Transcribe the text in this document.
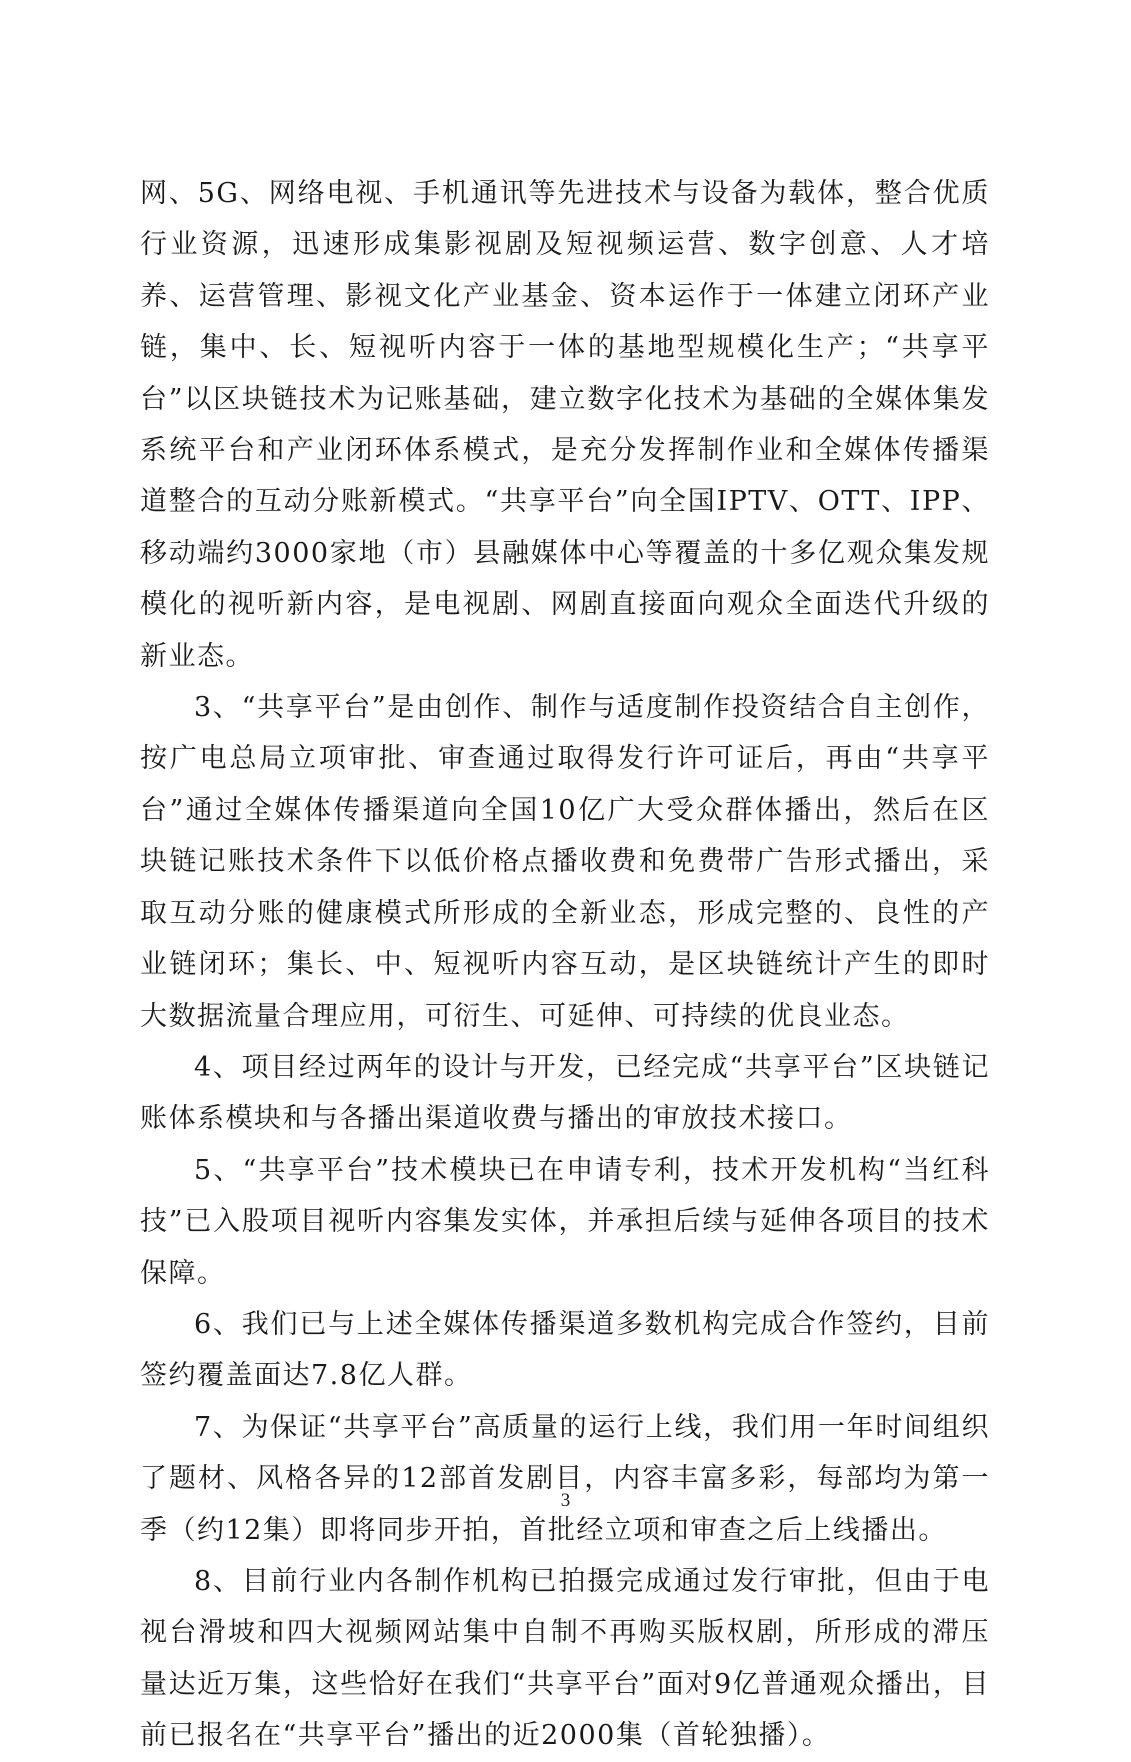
网、5G、网络电视、手机通讯等先进技术与设备为载体，整合优质行业资源，迅速形成集影视剧及短视频运营、数字创意、人才培养、运营管理、影视文化产业基金、资本运作于一体建立闭环产业链，集中、长、短视听内容于一体的基地型规模化生产；“共享平台”以区块链技术为记账基础，建立数字化技术为基础的全媒体集发系统平台和产业闭环体系模式，是充分发挥制作业和全媒体传播渠道整合的互动分账新模式。“共享平台”向全国IPTV、OTT、IPP、移动端约3000家地（市）县融媒体中心等覆盖的十多亿观众集发规模化的视听新内容，是电视剧、网剧直接面向观众全面迭代升级的新业态。

3、“共享平台”是由创作、制作与适度制作投资结合自主创作，按广电总局立项审批、审查通过取得发行许可证后，再由“共享平台”通过全媒体传播渠道向全国10亿广大受众群体播出，然后在区块链记账技术条件下以低价格点播收费和免费带广告形式播出，采取互动分账的健康模式所形成的全新业态，形成完整的、良性的产业链闭环；集长、中、短视听内容互动，是区块链统计产生的即时大数据流量合理应用，可衍生、可延伸、可持续的优良业态。

4、项目经过两年的设计与开发，已经完成“共享平台”区块链记账体系模块和与各播出渠道收费与播出的审放技术接口。

5、“共享平台”技术模块已在申请专利，技术开发机构“当红科技”已入股项目视听内容集发实体，并承担后续与延伸各项目的技术保障。

6、我们已与上述全媒体传播渠道多数机构完成合作签约，目前签约覆盖面达7.8亿人群。

7、为保证“共享平台”高质量的运行上线，我们用一年时间组织了题材、风格各异的12部首发剧目，内容丰富多彩，每部均为第一季（约12集）即将同步开拍，首批经立项和审查之后上线播出。

8、目前行业内各制作机构已拍摄完成通过发行审批，但由于电视台滑坡和四大视频网站集中自制不再购买版权剧，所形成的滞压量达近万集，这些恰好在我们“共享平台”面对9亿普通观众播出，目前已报名在“共享平台”播出的近2000集（首轮独播）。

3
